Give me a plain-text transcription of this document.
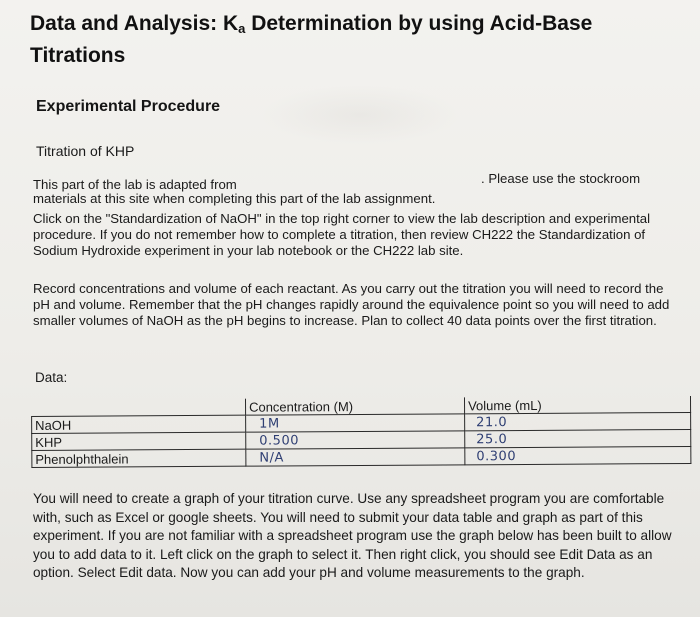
Data and Analysis: $K_a$ Determination by using Acid-Base Titrations
Experimental Procedure
Titration of KHP
This part of the lab is adapted from	. Please use the stockroom
materials at this site when completing this part of the lab assignment.
Click on the "Standardization of NaOH" in the top right corner to view the lab description and experimental procedure. If you do not remember how to complete a titration, then review CH222 the Standardization of Sodium Hydroxide experiment in your lab notebook or the CH222 lab site.
Record concentrations and volume of each reactant. As you carry out the titration you will need to record the pH and volume. Remember that the pH changes rapidly around the equivalence point so you will need to add smaller volumes of NaOH as the pH begins to increase. Plan to collect 40 data points over the first titration.
Data:
	Concentration (M)	Volume (mL)
NaOH	1M	21.0
KHP	0.500	25.0
Phenolphthalein	N/A	0.300
You will need to create a graph of your titration curve. Use any spreadsheet program you are comfortable with, such as Excel or google sheets. You will need to submit your data table and graph as part of this experiment. If you are not familiar with a spreadsheet program use the graph below has been built to allow you to add data to it. Left click on the graph to select it. Then right click, you should see Edit Data as an option. Select Edit data. Now you can add your pH and volume measurements to the graph.
